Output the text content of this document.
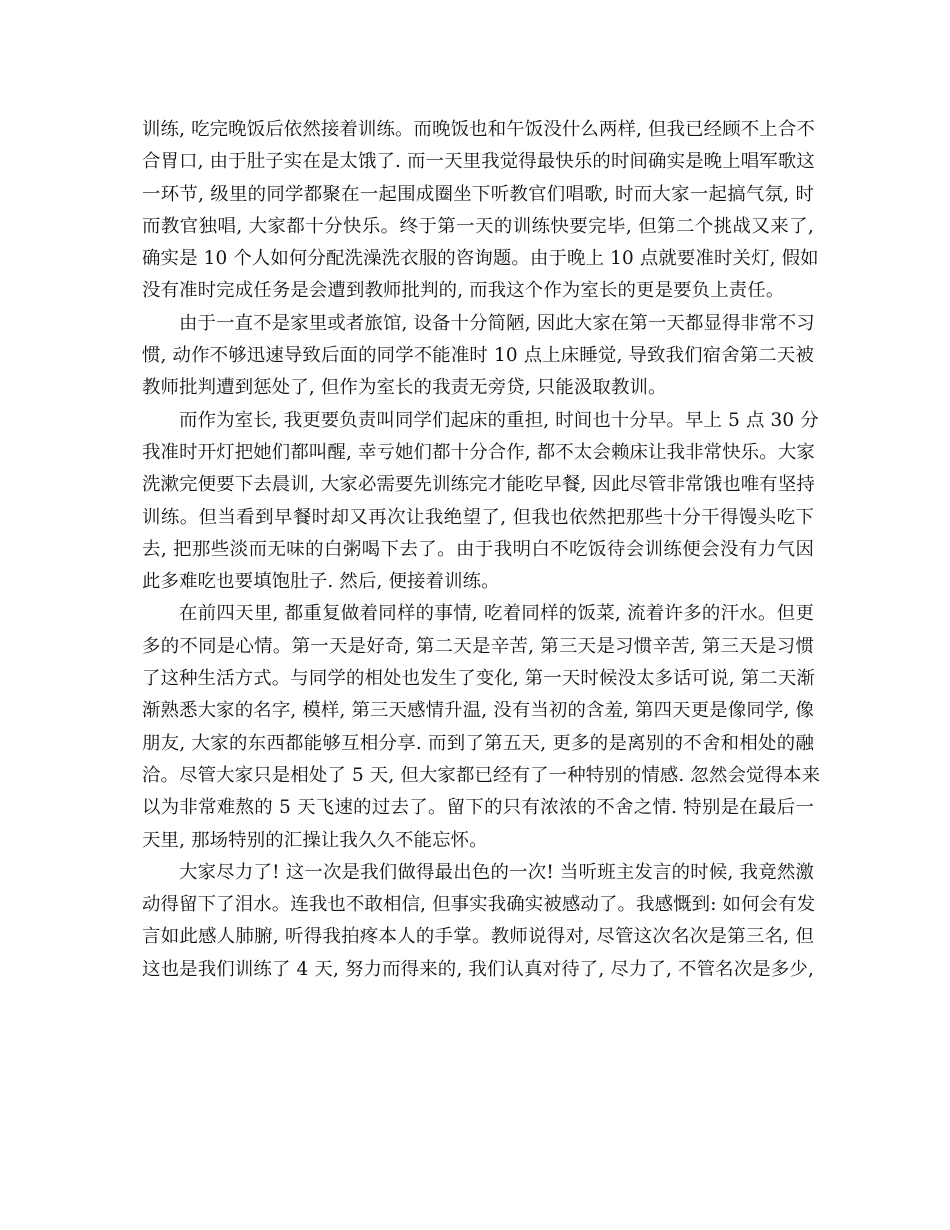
训练, 吃完晚饭后依然接着训练。而晚饭也和午饭没什么两样, 但我已经顾不上合不
合胃口, 由于肚子实在是太饿了. 而一天里我觉得最快乐的时间确实是晚上唱军歌这
一环节, 级里的同学都聚在一起围成圈坐下听教官们唱歌, 时而大家一起搞气氛, 时
而教官独唱, 大家都十分快乐。终于第一天的训练快要完毕, 但第二个挑战又来了,
确实是 10 个人如何分配洗澡洗衣服的咨询题。由于晚上 10 点就要准时关灯, 假如
没有准时完成任务是会遭到教师批判的, 而我这个作为室长的更是要负上责任。
由于一直不是家里或者旅馆, 设备十分简陋, 因此大家在第一天都显得非常不习
惯, 动作不够迅速导致后面的同学不能准时 10 点上床睡觉, 导致我们宿舍第二天被
教师批判遭到惩处了, 但作为室长的我责无旁贷, 只能汲取教训。
而作为室长, 我更要负责叫同学们起床的重担, 时间也十分早。早上 5 点 30 分
我准时开灯把她们都叫醒, 幸亏她们都十分合作, 都不太会赖床让我非常快乐。大家
洗漱完便要下去晨训, 大家必需要先训练完才能吃早餐, 因此尽管非常饿也唯有坚持
训练。但当看到早餐时却又再次让我绝望了, 但我也依然把那些十分干得馒头吃下
去, 把那些淡而无味的白粥喝下去了。由于我明白不吃饭待会训练便会没有力气因
此多难吃也要填饱肚子. 然后, 便接着训练。
在前四天里, 都重复做着同样的事情, 吃着同样的饭菜, 流着许多的汗水。但更
多的不同是心情。第一天是好奇, 第二天是辛苦, 第三天是习惯辛苦, 第三天是习惯
了这种生活方式。与同学的相处也发生了变化, 第一天时候没太多话可说, 第二天渐
渐熟悉大家的名字, 模样, 第三天感情升温, 没有当初的含羞, 第四天更是像同学, 像
朋友, 大家的东西都能够互相分享. 而到了第五天, 更多的是离别的不舍和相处的融
洽。尽管大家只是相处了 5 天, 但大家都已经有了一种特别的情感. 忽然会觉得本来
以为非常难熬的 5 天飞速的过去了。留下的只有浓浓的不舍之情. 特别是在最后一
天里, 那场特别的汇操让我久久不能忘怀。
大家尽力了! 这一次是我们做得最出色的一次! 当听班主发言的时候, 我竟然激
动得留下了泪水。连我也不敢相信, 但事实我确实被感动了。我感慨到: 如何会有发
言如此感人肺腑, 听得我拍疼本人的手掌。教师说得对, 尽管这次名次是第三名, 但
这也是我们训练了 4 天, 努力而得来的, 我们认真对待了, 尽力了, 不管名次是多少,
